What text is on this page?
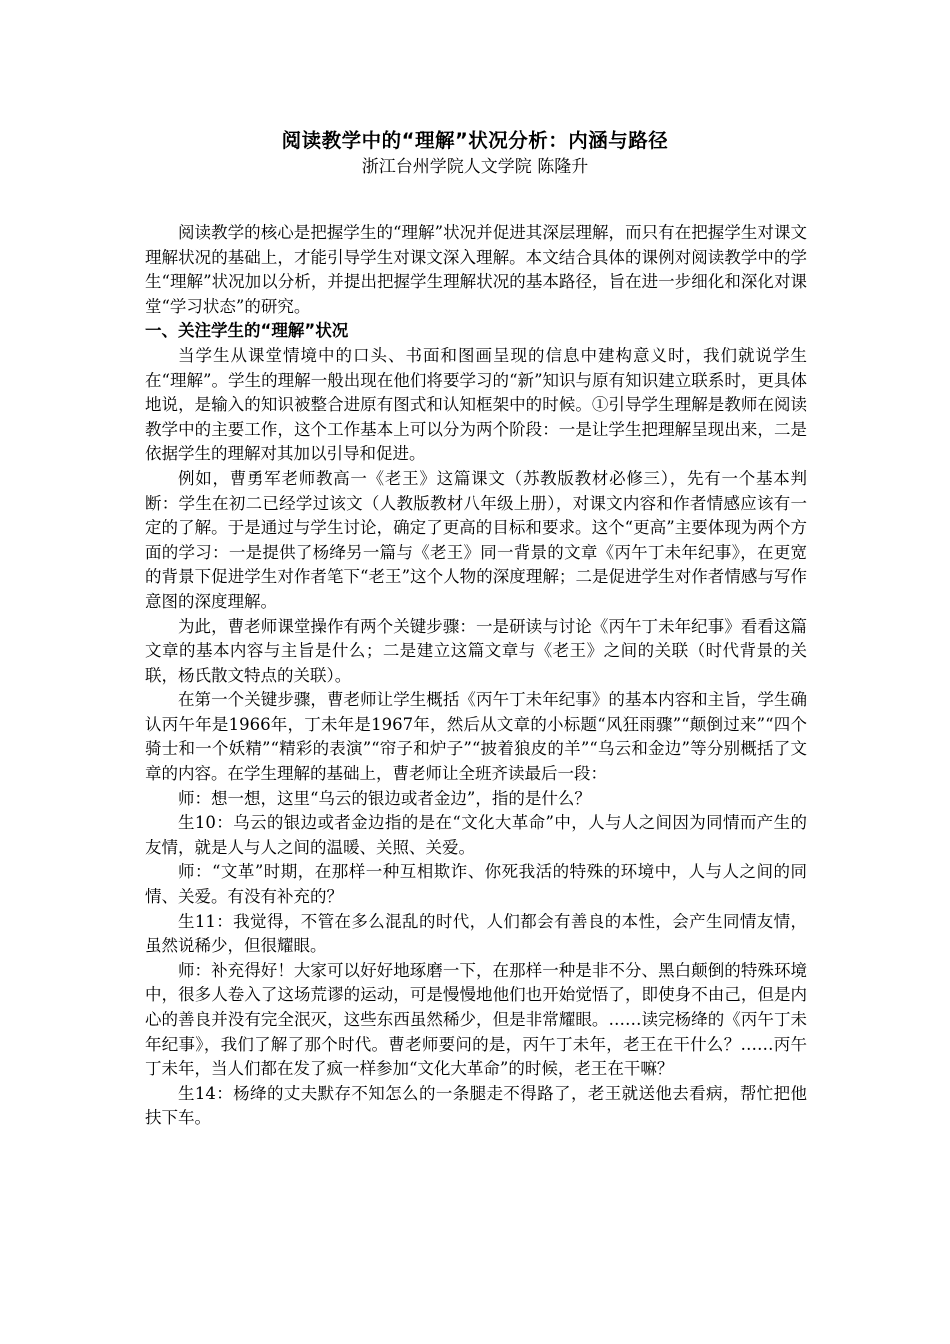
阅读教学中的“理解”状况分析：内涵与路径
浙江台州学院人文学院 陈隆升

阅读教学的核心是把握学生的“理解”状况并促进其深层理解，而只有在把握学生对课文理解状况的基础上，才能引导学生对课文深入理解。本文结合具体的课例对阅读教学中的学生“理解”状况加以分析，并提出把握学生理解状况的基本路径，旨在进一步细化和深化对课堂“学习状态”的研究。

一、关注学生的“理解”状况

当学生从课堂情境中的口头、书面和图画呈现的信息中建构意义时，我们就说学生在“理解”。学生的理解一般出现在他们将要学习的“新”知识与原有知识建立联系时，更具体地说，是输入的知识被整合进原有图式和认知框架中的时候。①引导学生理解是教师在阅读教学中的主要工作，这个工作基本上可以分为两个阶段：一是让学生把理解呈现出来，二是依据学生的理解对其加以引导和促进。

例如，曹勇军老师教高一《老王》这篇课文（苏教版教材必修三），先有一个基本判断：学生在初二已经学过该文（人教版教材八年级上册），对课文内容和作者情感应该有一定的了解。于是通过与学生讨论，确定了更高的目标和要求。这个“更高”主要体现为两个方面的学习：一是提供了杨绛另一篇与《老王》同一背景的文章《丙午丁未年纪事》，在更宽的背景下促进学生对作者笔下“老王”这个人物的深度理解；二是促进学生对作者情感与写作意图的深度理解。

为此，曹老师课堂操作有两个关键步骤：一是研读与讨论《丙午丁未年纪事》看看这篇文章的基本内容与主旨是什么；二是建立这篇文章与《老王》之间的关联（时代背景的关联，杨氏散文特点的关联）。

在第一个关键步骤，曹老师让学生概括《丙午丁未年纪事》的基本内容和主旨，学生确认丙午年是1966年，丁未年是1967年，然后从文章的小标题“风狂雨骤”“颠倒过来”“四个骑士和一个妖精”“精彩的表演”“帘子和炉子”“披着狼皮的羊”“乌云和金边”等分别概括了文章的内容。在学生理解的基础上，曹老师让全班齐读最后一段：

师：想一想，这里“乌云的银边或者金边”，指的是什么？

生10：乌云的银边或者金边指的是在“文化大革命”中，人与人之间因为同情而产生的友情，就是人与人之间的温暖、关照、关爱。

师：“文革”时期，在那样一种互相欺诈、你死我活的特殊的环境中，人与人之间的同情、关爱。有没有补充的？

生11：我觉得，不管在多么混乱的时代，人们都会有善良的本性，会产生同情友情，虽然说稀少，但很耀眼。

师：补充得好！大家可以好好地琢磨一下，在那样一种是非不分、黑白颠倒的特殊环境中，很多人卷入了这场荒谬的运动，可是慢慢地他们也开始觉悟了，即使身不由己，但是内心的善良并没有完全泯灭，这些东西虽然稀少，但是非常耀眼。……读完杨绛的《丙午丁未年纪事》，我们了解了那个时代。曹老师要问的是，丙午丁未年，老王在干什么？……丙午丁未年，当人们都在发了疯一样参加“文化大革命”的时候，老王在干嘛？

生14：杨绛的丈夫默存不知怎么的一条腿走不得路了，老王就送他去看病，帮忙把他扶下车。
